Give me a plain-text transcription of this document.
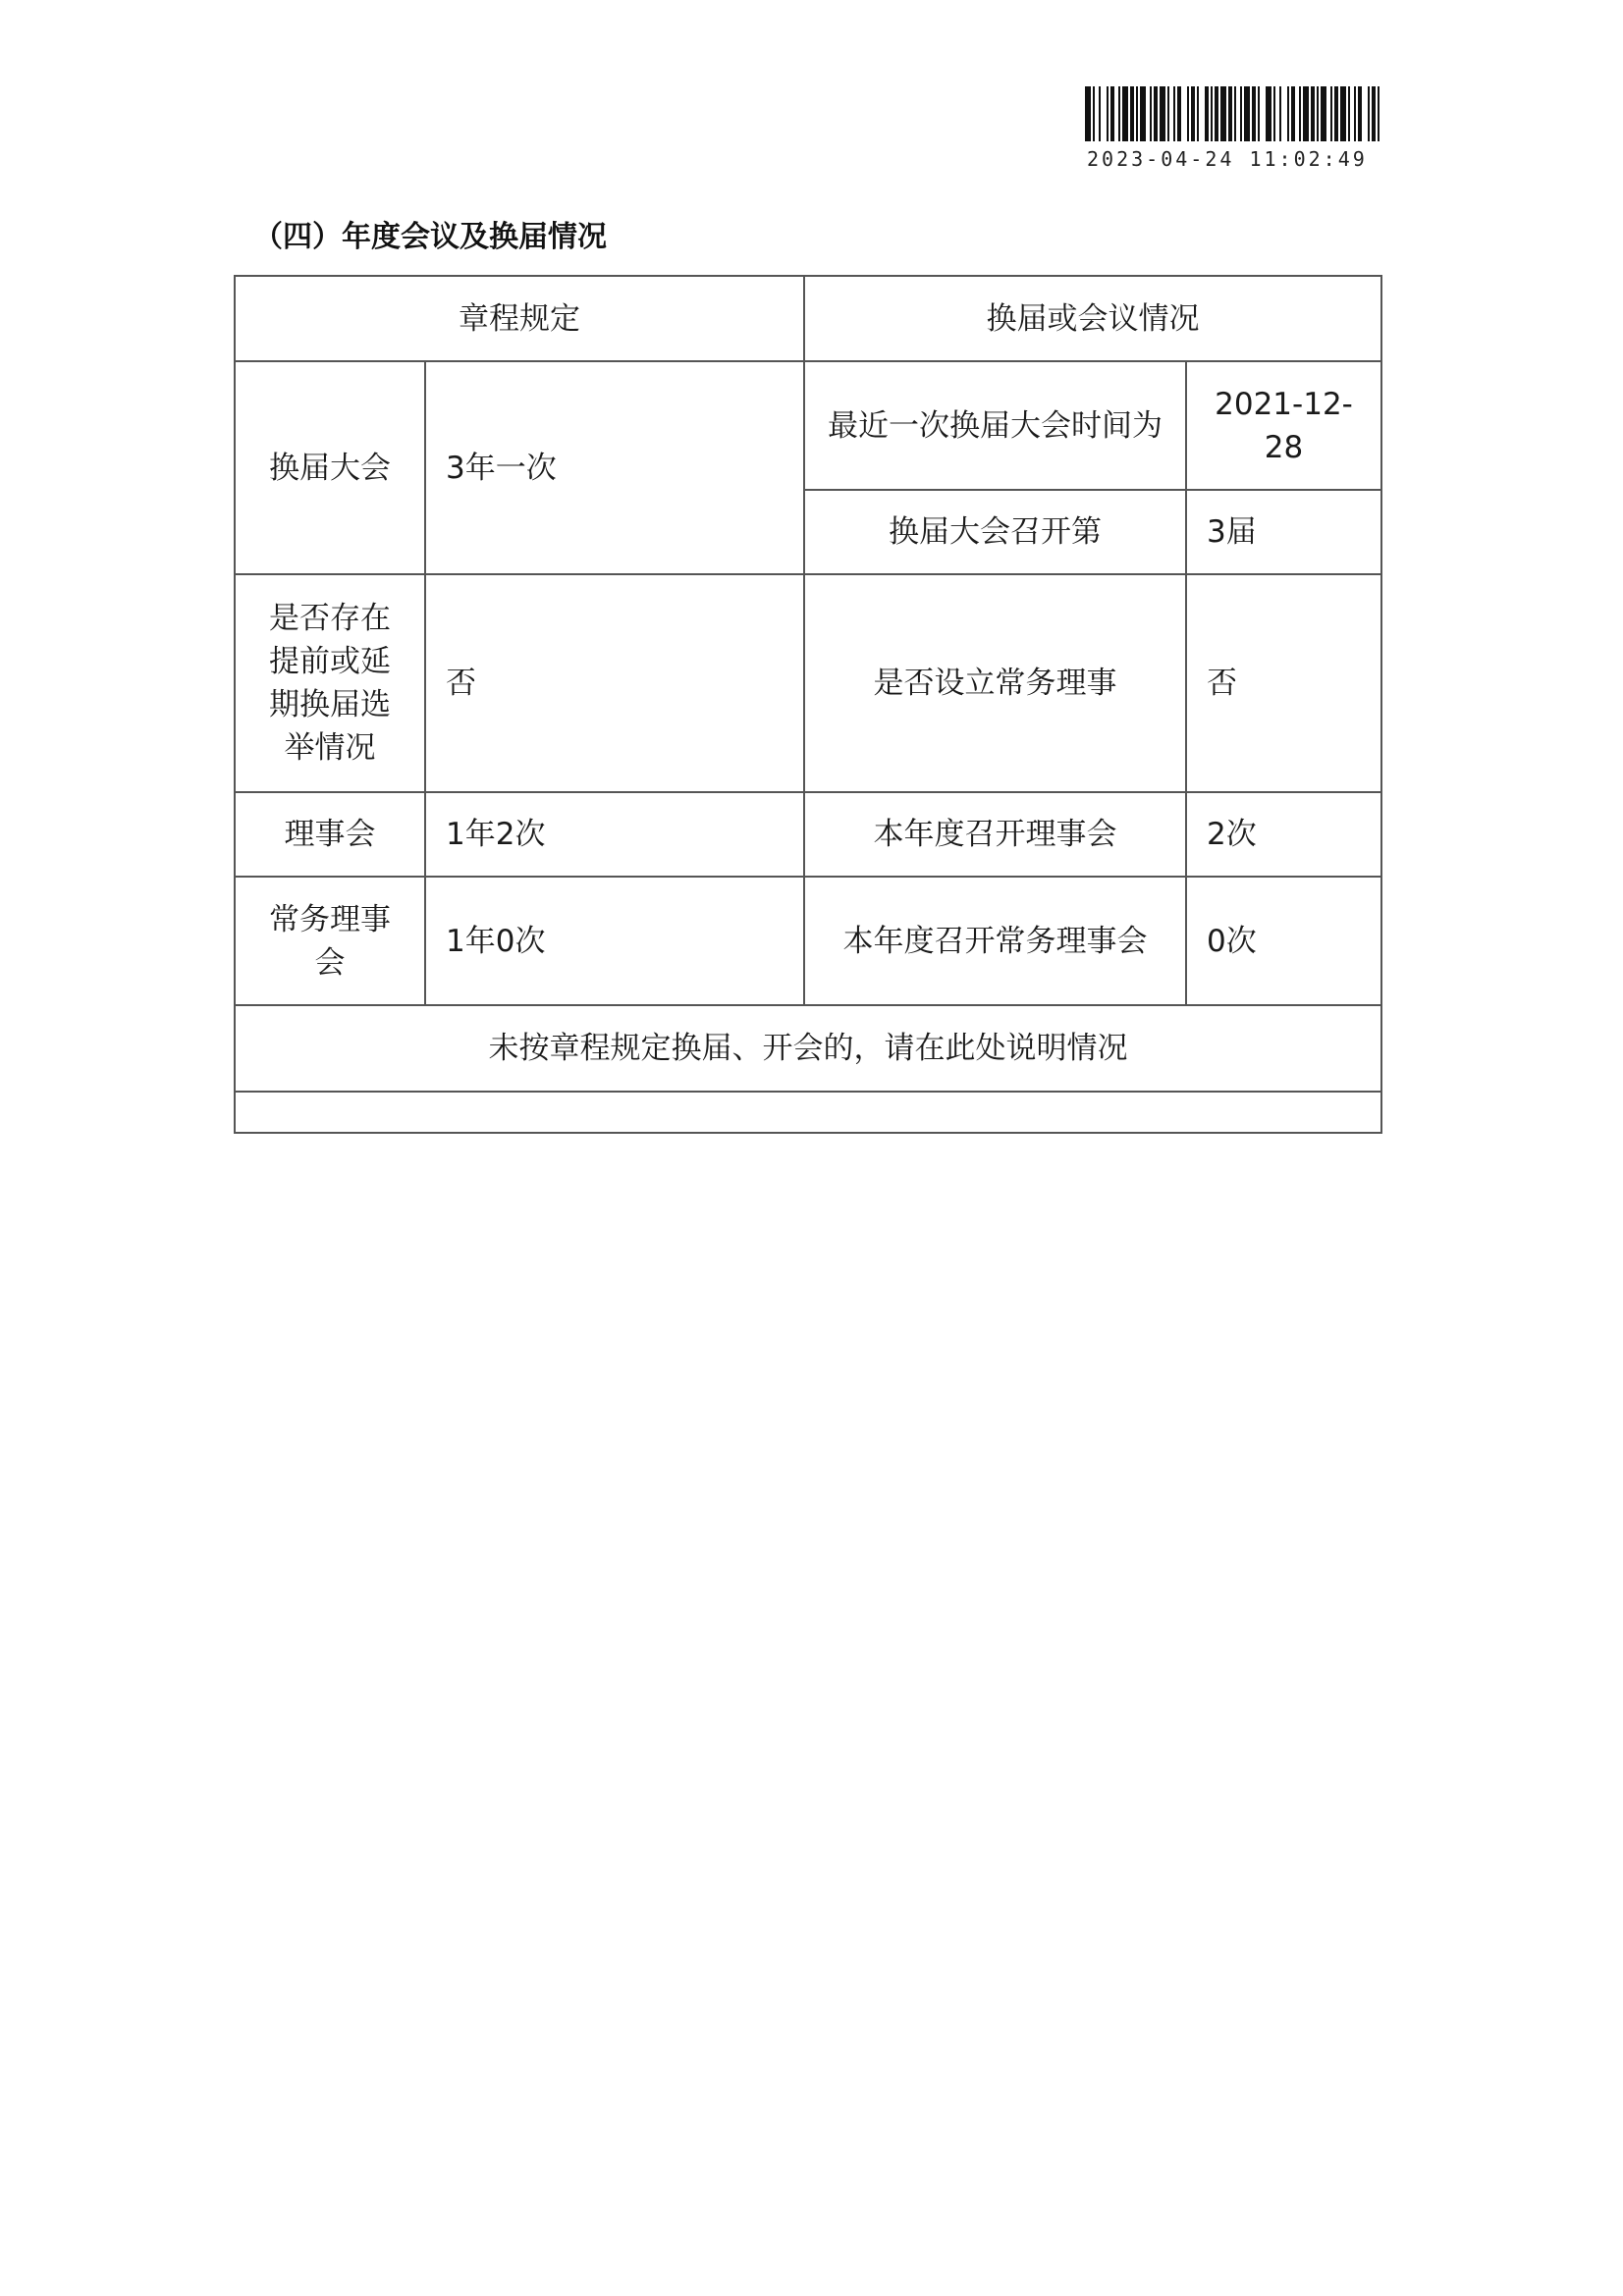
2023-04-24 11:02:49
（四）年度会议及换届情况
章程规定		换届或会议情况	
换届大会	3年一次	最近一次换届大会时间为	2021-12-28
		换届大会召开第	3届
是否存在提前或延期换届选举情况	否	是否设立常务理事	否
理事会	1年2次	本年度召开理事会	2次
常务理事会	1年0次	本年度召开常务理事会	0次
未按章程规定换届、开会的，请在此处说明情况			
